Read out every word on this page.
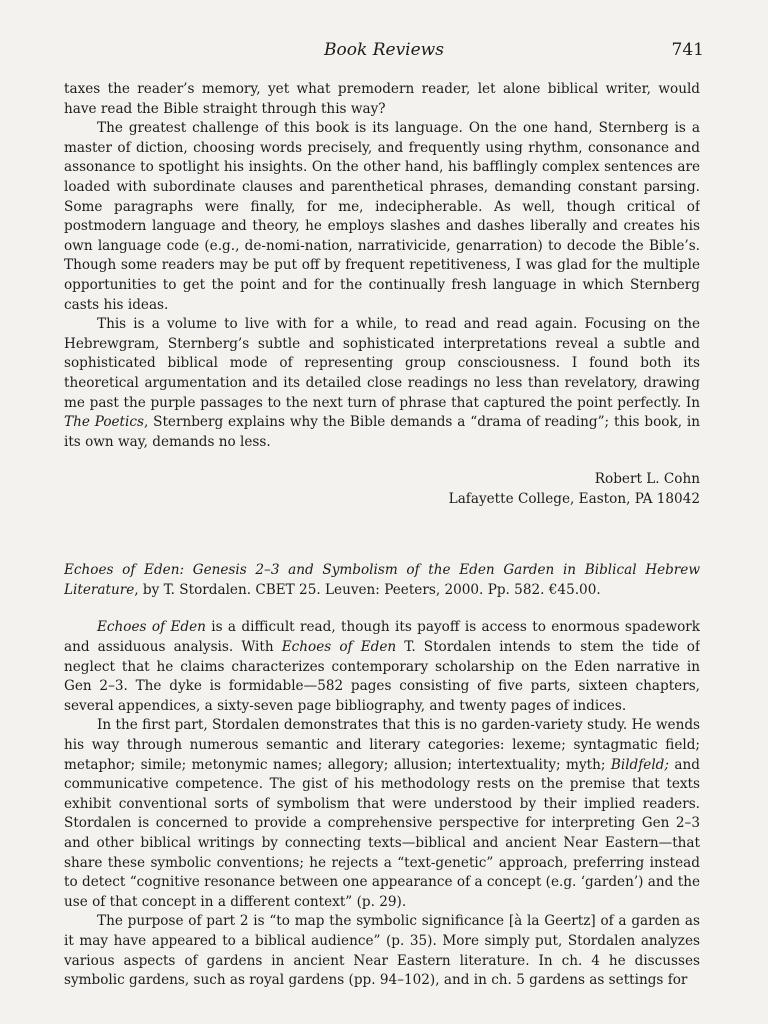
Book Reviews	741

taxes the reader’s memory, yet what premodern reader, let alone biblical writer, would have read the Bible straight through this way?

The greatest challenge of this book is its language. On the one hand, Sternberg is a master of diction, choosing words precisely, and frequently using rhythm, consonance and assonance to spotlight his insights. On the other hand, his bafflingly complex sentences are loaded with subordinate clauses and parenthetical phrases, demanding constant parsing. Some paragraphs were finally, for me, indecipherable. As well, though critical of postmodern language and theory, he employs slashes and dashes liberally and creates his own language code (e.g., de-nomi-nation, narrativicide, genarration) to decode the Bible’s. Though some readers may be put off by frequent repetitiveness, I was glad for the multiple opportunities to get the point and for the continually fresh language in which Sternberg casts his ideas.

This is a volume to live with for a while, to read and read again. Focusing on the Hebrewgram, Sternberg’s subtle and sophisticated interpretations reveal a subtle and sophisticated biblical mode of representing group consciousness. I found both its theoretical argumentation and its detailed close readings no less than revelatory, drawing me past the purple passages to the next turn of phrase that captured the point perfectly. In The Poetics, Sternberg explains why the Bible demands a “drama of reading”; this book, in its own way, demands no less.

Robert L. Cohn
Lafayette College, Easton, PA 18042

Echoes of Eden: Genesis 2–3 and Symbolism of the Eden Garden in Biblical Hebrew Literature, by T. Stordalen. CBET 25. Leuven: Peeters, 2000. Pp. 582. €45.00.

Echoes of Eden is a difficult read, though its payoff is access to enormous spadework and assiduous analysis. With Echoes of Eden T. Stordalen intends to stem the tide of neglect that he claims characterizes contemporary scholarship on the Eden narrative in Gen 2–3. The dyke is formidable—582 pages consisting of five parts, sixteen chapters, several appendices, a sixty-seven page bibliography, and twenty pages of indices.

In the first part, Stordalen demonstrates that this is no garden-variety study. He wends his way through numerous semantic and literary categories: lexeme; syntagmatic field; metaphor; simile; metonymic names; allegory; allusion; intertextuality; myth; Bildfeld; and communicative competence. The gist of his methodology rests on the premise that texts exhibit conventional sorts of symbolism that were understood by their implied readers. Stordalen is concerned to provide a comprehensive perspective for interpreting Gen 2–3 and other biblical writings by connecting texts—biblical and ancient Near Eastern—that share these symbolic conventions; he rejects a “text-genetic” approach, preferring instead to detect “cognitive resonance between one appearance of a concept (e.g. ‘garden’) and the use of that concept in a different context” (p. 29).

The purpose of part 2 is “to map the symbolic significance [à la Geertz] of a garden as it may have appeared to a biblical audience” (p. 35). More simply put, Stordalen analyzes various aspects of gardens in ancient Near Eastern literature. In ch. 4 he discusses symbolic gardens, such as royal gardens (pp. 94–102), and in ch. 5 gardens as settings for
